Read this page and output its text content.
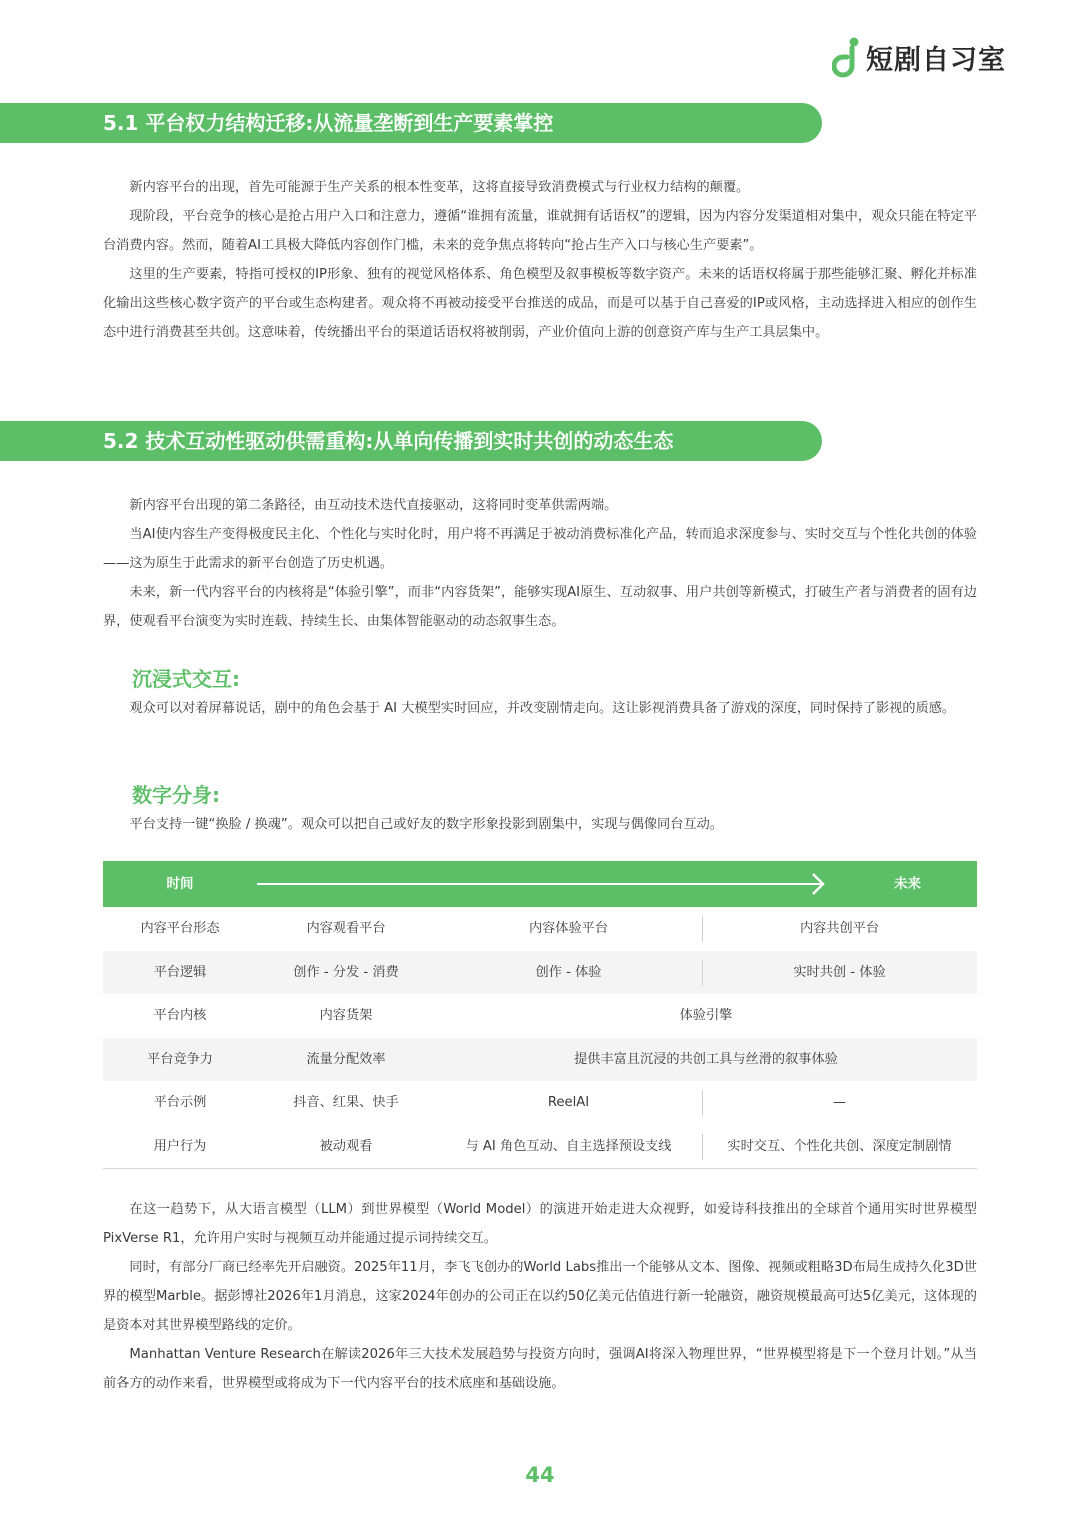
短剧自习室
5.1 平台权力结构迁移:从流量垄断到生产要素掌控

新内容平台的出现，首先可能源于生产关系的根本性变革，这将直接导致消费模式与行业权力结构的颠覆。

现阶段，平台竞争的核心是抢占用户入口和注意力，遵循“谁拥有流量，谁就拥有话语权”的逻辑，因为内容分发渠道相对集中，观众只能在特定平台消费内容。然而，随着AI工具极大降低内容创作门槛，未来的竞争焦点将转向“抢占生产入口与核心生产要素”。

这里的生产要素，特指可授权的IP形象、独有的视觉风格体系、角色模型及叙事模板等数字资产。未来的话语权将属于那些能够汇聚、孵化并标准化输出这些核心数字资产的平台或生态构建者。观众将不再被动接受平台推送的成品，而是可以基于自己喜爱的IP或风格，主动选择进入相应的创作生态中进行消费甚至共创。这意味着，传统播出平台的渠道话语权将被削弱，产业价值向上游的创意资产库与生产工具层集中。

5.2 技术互动性驱动供需重构:从单向传播到实时共创的动态生态

新内容平台出现的第二条路径，由互动技术迭代直接驱动，这将同时变革供需两端。

当AI使内容生产变得极度民主化、个性化与实时化时，用户将不再满足于被动消费标准化产品，转而追求深度参与、实时交互与个性化共创的体验——这为原生于此需求的新平台创造了历史机遇。

未来，新一代内容平台的内核将是“体验引擎”，而非“内容货架”，能够实现AI原生、互动叙事、用户共创等新模式，打破生产者与消费者的固有边界，使观看平台演变为实时连载、持续生长、由集体智能驱动的动态叙事生态。

沉浸式交互:

观众可以对着屏幕说话，剧中的角色会基于 AI 大模型实时回应，并改变剧情走向。这让影视消费具备了游戏的深度，同时保持了影视的质感。

数字分身:

平台支持一键“换脸 / 换魂”。观众可以把自己或好友的数字形象投影到剧集中，实现与偶像同台互动。

时间	未来
内容平台形态	内容观看平台	内容体验平台	内容共创平台
平台逻辑	创作 - 分发 - 消费	创作 - 体验	实时共创 - 体验
平台内核	内容货架	体验引擎
平台竞争力	流量分配效率	提供丰富且沉浸的共创工具与丝滑的叙事体验
平台示例	抖音、红果、快手	ReelAI	—
用户行为	被动观看	与 AI 角色互动、自主选择预设支线	实时交互、个性化共创、深度定制剧情

在这一趋势下，从大语言模型（LLM）到世界模型（World Model）的演进开始走进大众视野，如爱诗科技推出的全球首个通用实时世界模型PixVerse R1，允许用户实时与视频互动并能通过提示词持续交互。

同时，有部分厂商已经率先开启融资。2025年11月，李飞飞创办的World Labs推出一个能够从文本、图像、视频或粗略3D布局生成持久化3D世界的模型Marble。据彭博社2026年1月消息，这家2024年创办的公司正在以约50亿美元估值进行新一轮融资，融资规模最高可达5亿美元，这体现的是资本对其世界模型路线的定价。

Manhattan Venture Research在解读2026年三大技术发展趋势与投资方向时，强调AI将深入物理世界，“世界模型将是下一个登月计划。”从当前各方的动作来看，世界模型或将成为下一代内容平台的技术底座和基础设施。

44
